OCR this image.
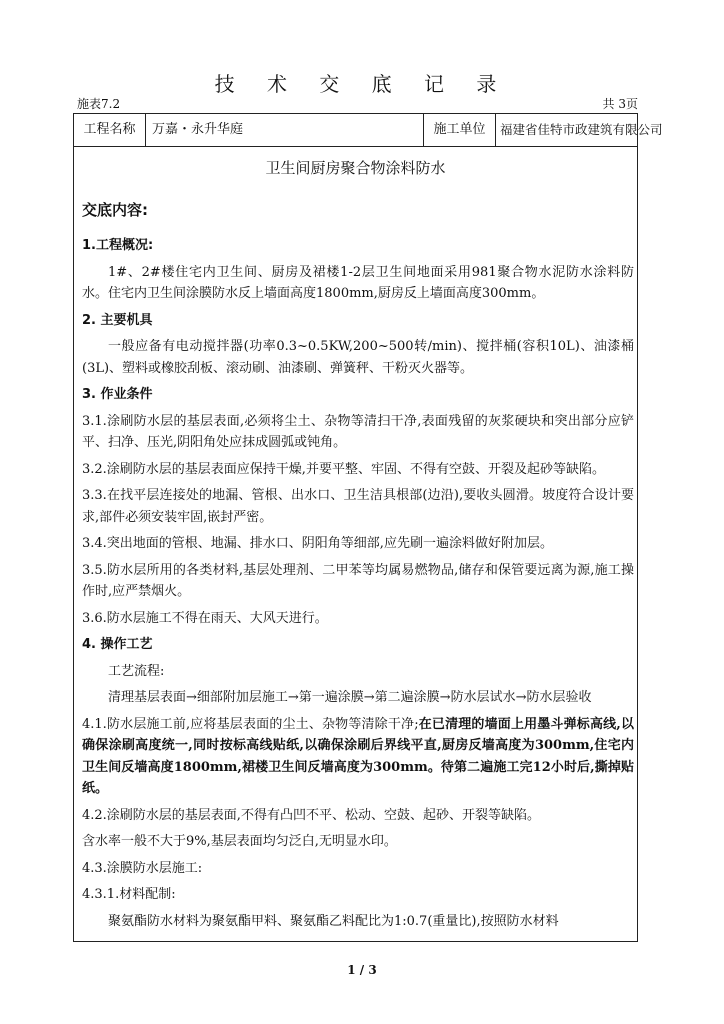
技 术 交 底 记 录
施表7.2	共 3页
工程名称	万嘉・永升华庭	施工单位	福建省佳特市政建筑有限公司
卫生间厨房聚合物涂料防水
交底内容:
1.工程概况:
1#、2#楼住宅内卫生间、厨房及裙楼1-2层卫生间地面采用981聚合物水泥防水涂料防水。住宅内卫生间涂膜防水反上墙面高度1800mm,厨房反上墙面高度300mm。
2. 主要机具
一般应备有电动搅拌器(功率0.3~0.5KW,200~500转/min)、搅拌桶(容积10L)、油漆桶(3L)、塑料或橡胶刮板、滚动刷、油漆刷、弹簧秤、干粉灭火器等。
3. 作业条件
3.1.涂刷防水层的基层表面,必须将尘土、杂物等清扫干净,表面残留的灰浆硬块和突出部分应铲平、扫净、压光,阴阳角处应抹成圆弧或钝角。
3.2.涂刷防水层的基层表面应保持干燥,并要平整、牢固、不得有空鼓、开裂及起砂等缺陷。
3.3.在找平层连接处的地漏、管根、出水口、卫生洁具根部(边沿),要收头圆滑。坡度符合设计要求,部件必须安装牢固,嵌封严密。
3.4.突出地面的管根、地漏、排水口、阴阳角等细部,应先刷一遍涂料做好附加层。
3.5.防水层所用的各类材料,基层处理剂、二甲苯等均属易燃物品,储存和保管要远离为源,施工操作时,应严禁烟火。
3.6.防水层施工不得在雨天、大风天进行。
4. 操作工艺
工艺流程:
清理基层表面→细部附加层施工→第一遍涂膜→第二遍涂膜→防水层试水→防水层验收
4.1.防水层施工前,应将基层表面的尘土、杂物等清除干净;在已清理的墙面上用墨斗弹标高线,以确保涂刷高度统一,同时按标高线贴纸,以确保涂刷后界线平直,厨房反墙高度为300mm,住宅内卫生间反墙高度1800mm,裙楼卫生间反墙高度为300mm。待第二遍施工完12小时后,撕掉贴纸。
4.2.涂刷防水层的基层表面,不得有凸凹不平、松动、空鼓、起砂、开裂等缺陷。
含水率一般不大于9%,基层表面均匀泛白,无明显水印。
4.3.涂膜防水层施工:
4.3.1.材料配制:
聚氨酯防水材料为聚氨酯甲料、聚氨酯乙料配比为1:0.7(重量比),按照防水材料
1 / 3
